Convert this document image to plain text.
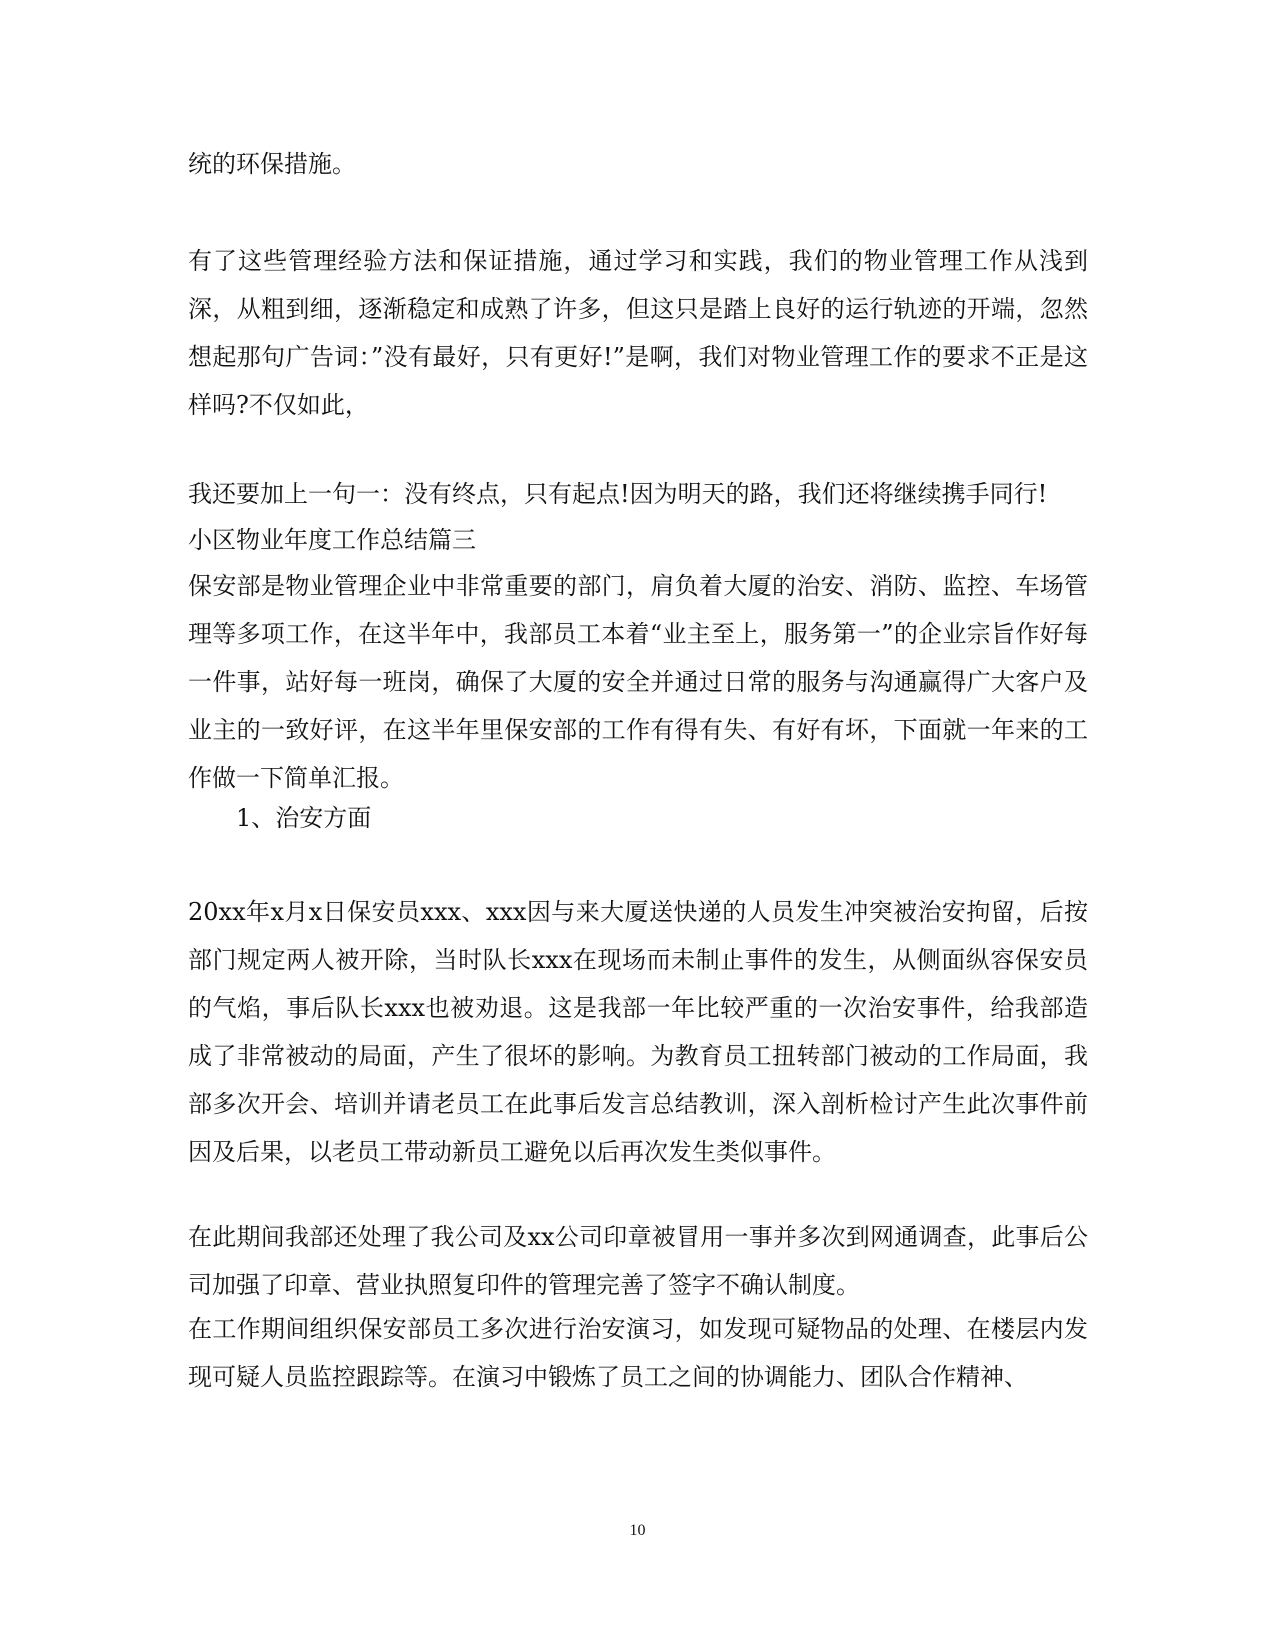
统的环保措施。

有了这些管理经验方法和保证措施，通过学习和实践，我们的物业管理工作从浅到深，从粗到细，逐渐稳定和成熟了许多，但这只是踏上良好的运行轨迹的开端，忽然想起那句广告词：”没有最好，只有更好!”是啊，我们对物业管理工作的要求不正是这样吗?不仅如此，

我还要加上一句一：没有终点，只有起点!因为明天的路，我们还将继续携手同行!

小区物业年度工作总结篇三

保安部是物业管理企业中非常重要的部门，肩负着大厦的治安、消防、监控、车场管理等多项工作，在这半年中，我部员工本着“业主至上，服务第一”的企业宗旨作好每一件事，站好每一班岗，确保了大厦的安全并通过日常的服务与沟通赢得广大客户及业主的一致好评，在这半年里保安部的工作有得有失、有好有坏，下面就一年来的工作做一下简单汇报。

1、治安方面

20xx年x月x日保安员xxx、xxx因与来大厦送快递的人员发生冲突被治安拘留，后按部门规定两人被开除，当时队长xxx在现场而未制止事件的发生，从侧面纵容保安员的气焰，事后队长xxx也被劝退。这是我部一年比较严重的一次治安事件，给我部造成了非常被动的局面，产生了很坏的影响。为教育员工扭转部门被动的工作局面，我部多次开会、培训并请老员工在此事后发言总结教训，深入剖析检讨产生此次事件前因及后果，以老员工带动新员工避免以后再次发生类似事件。

在此期间我部还处理了我公司及xx公司印章被冒用一事并多次到网通调查，此事后公司加强了印章、营业执照复印件的管理完善了签字不确认制度。

在工作期间组织保安部员工多次进行治安演习，如发现可疑物品的处理、在楼层内发现可疑人员监控跟踪等。在演习中锻炼了员工之间的协调能力、团队合作精神、

10
